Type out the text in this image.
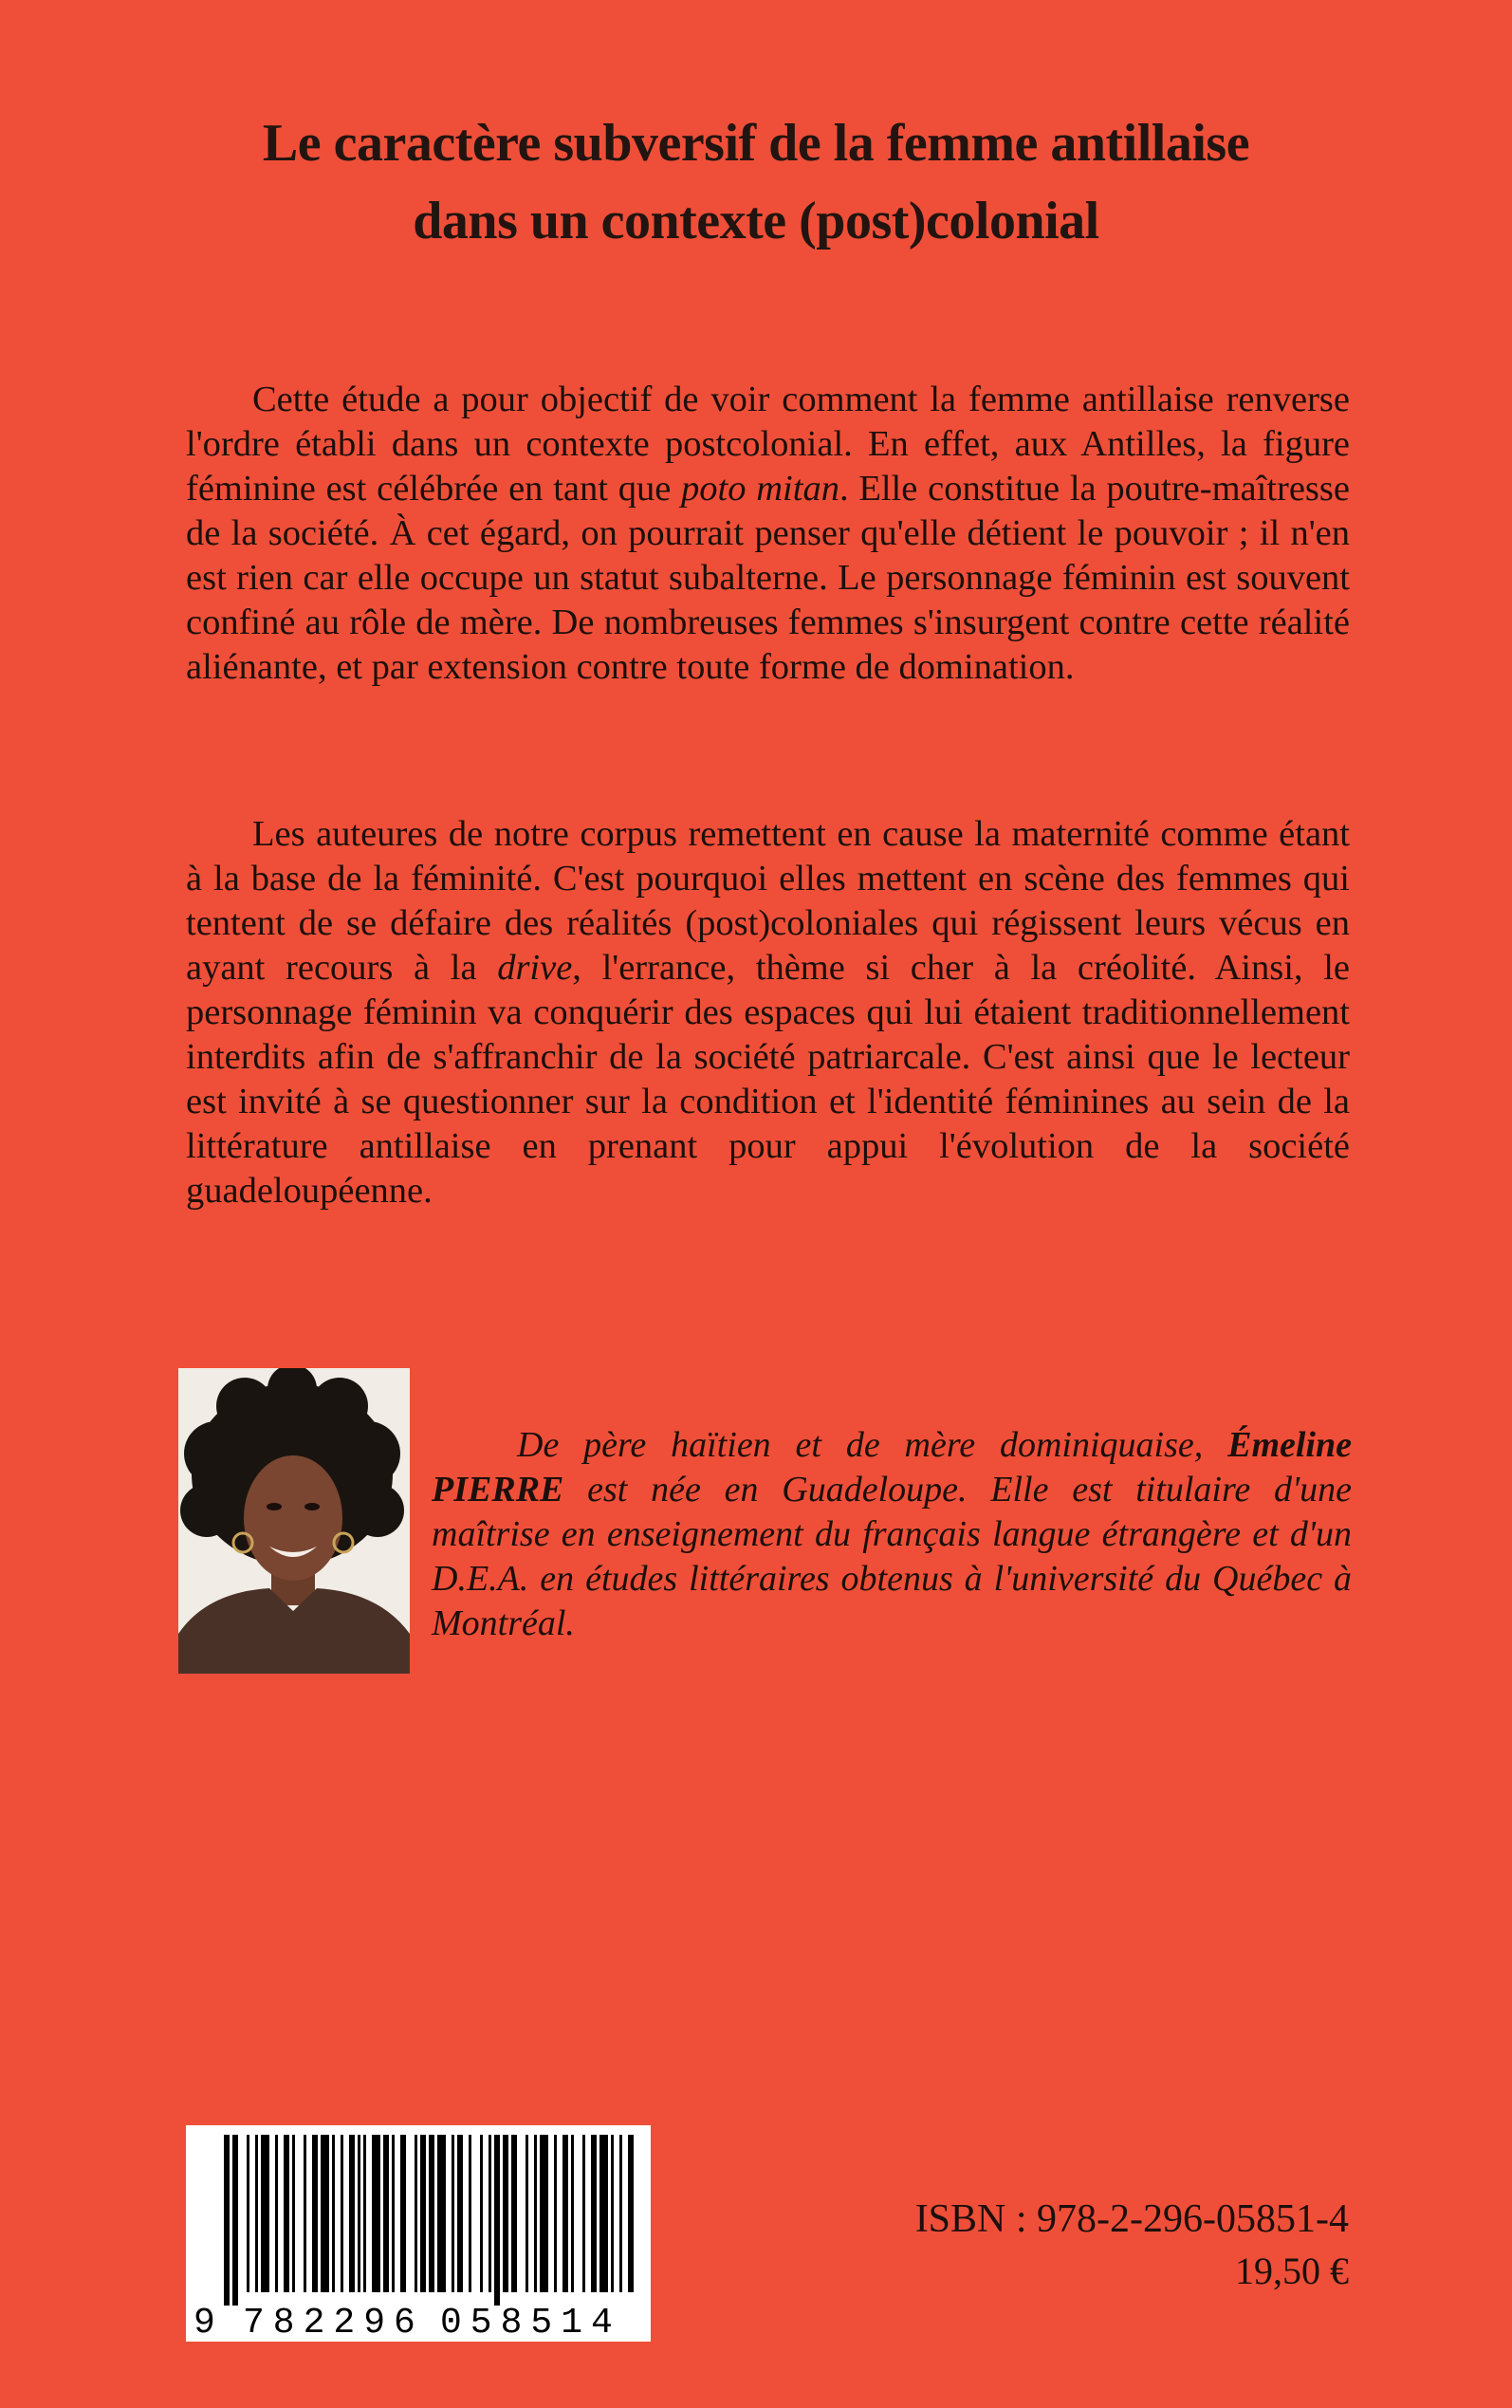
Le caractère subversif de la femme antillaise
dans un contexte (post)colonial

Cette étude a pour objectif de voir comment la femme antillaise renverse l'ordre établi dans un contexte postcolonial. En effet, aux Antilles, la figure féminine est célébrée en tant que poto mitan. Elle constitue la poutre-maîtresse de la société. À cet égard, on pourrait penser qu'elle détient le pouvoir ; il n'en est rien car elle occupe un statut subalterne. Le personnage féminin est souvent confiné au rôle de mère. De nombreuses femmes s'insurgent contre cette réalité aliénante, et par extension contre toute forme de domination.

Les auteures de notre corpus remettent en cause la maternité comme étant à la base de la féminité. C'est pourquoi elles mettent en scène des femmes qui tentent de se défaire des réalités (post)coloniales qui régissent leurs vécus en ayant recours à la drive, l'errance, thème si cher à la créolité. Ainsi, le personnage féminin va conquérir des espaces qui lui étaient traditionnellement interdits afin de s'affranchir de la société patriarcale. C'est ainsi que le lecteur est invité à se questionner sur la condition et l'identité féminines au sein de la littérature antillaise en prenant pour appui l'évolution de la société guadeloupéenne.

De père haïtien et de mère dominiquaise, Émeline PIERRE est née en Guadeloupe. Elle est titulaire d'une maîtrise en enseignement du français langue étrangère et d'un D.E.A. en études littéraires obtenus à l'université du Québec à Montréal.

9 782296 058514
ISBN : 978-2-296-05851-4
19,50 €
